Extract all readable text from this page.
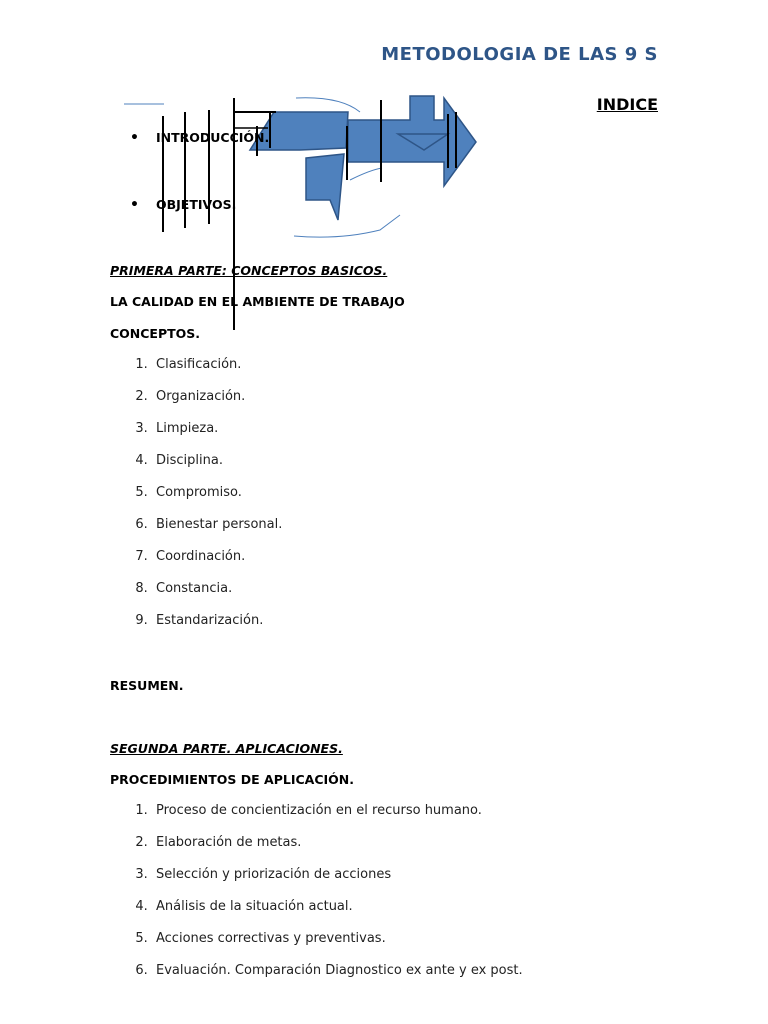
METODOLOGIA DE LAS 9 S
INDICE
• INTRODUCCIÓN.
• OBJETIVOS.
PRIMERA PARTE: CONCEPTOS BASICOS.
LA CALIDAD EN EL AMBIENTE DE TRABAJO
CONCEPTOS.
1.  Clasificación.
2.  Organización.
3.  Limpieza.
4.  Disciplina.
5.  Compromiso.
6.  Bienestar personal.
7.  Coordinación.
8.  Constancia.
9.  Estandarización.
RESUMEN.
SEGUNDA PARTE. APLICACIONES.
PROCEDIMIENTOS DE APLICACIÓN.
1.  Proceso de concientización en el recurso humano.
2.  Elaboración de metas.
3.  Selección y priorización de acciones
4.  Análisis de la situación actual.
5.  Acciones correctivas y preventivas.
6.  Evaluación. Comparación Diagnostico ex ante y ex post.
